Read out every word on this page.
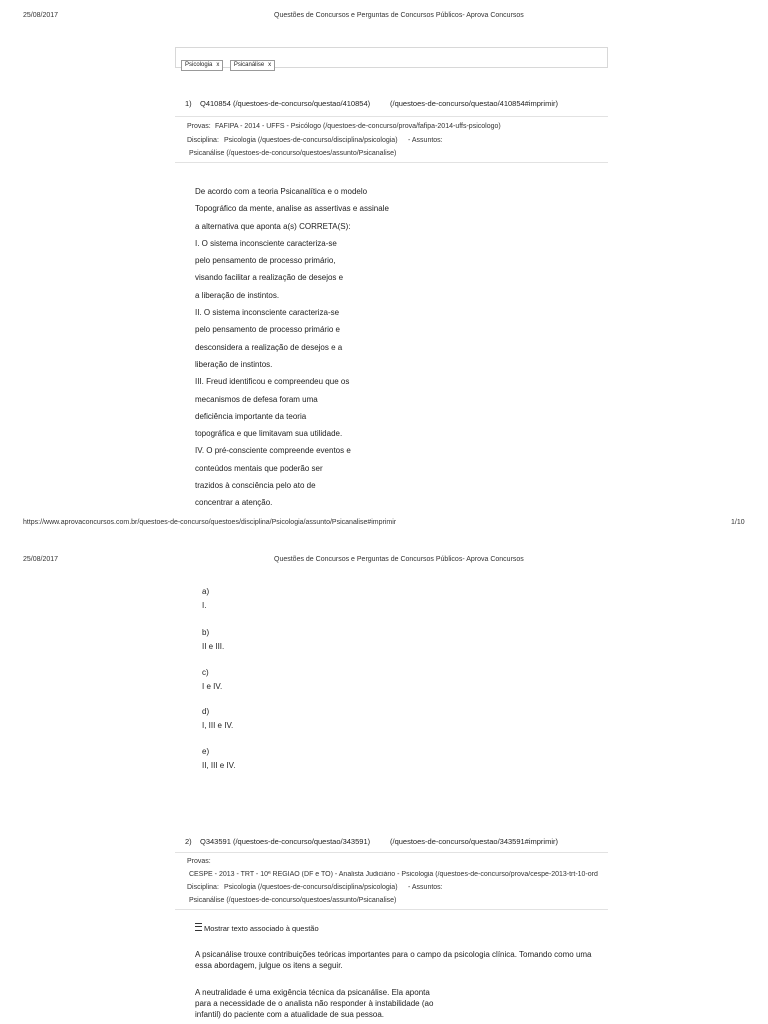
25/08/2017	Questões de Concursos e Perguntas de Concursos Públicos- Aprova Concursos
Psicologia x Psicanálise x
1) Q410854 (/questoes-de-concurso/questao/410854)	(/questoes-de-concurso/questao/410854#imprimir)
Provas: FAFIPA - 2014 - UFFS - Psicólogo (/questoes-de-concurso/prova/fafipa-2014-uffs-psicologo)
Disciplina: Psicologia (/questoes-de-concurso/disciplina/psicologia) - Assuntos:
Psicanálise (/questoes-de-concurso/questoes/assunto/Psicanalise)
De acordo com a teoria Psicanalítica e o modelo
Topográfico da mente, analise as assertivas e assinale
a alternativa que aponta a(s) CORRETA(S):
I. O sistema inconsciente caracteriza-se
pelo pensamento de processo primário,
visando facilitar a realização de desejos e
a liberação de instintos.
II. O sistema inconsciente caracteriza-se
pelo pensamento de processo primário e
desconsidera a realização de desejos e a
liberação de instintos.
III. Freud identificou e compreendeu que os
mecanismos de defesa foram uma
deficiência importante da teoria
topográfica e que limitavam sua utilidade.
IV. O pré-consciente compreende eventos e
conteúdos mentais que poderão ser
trazidos à consciência pelo ato de
concentrar a atenção.
https://www.aprovaconcursos.com.br/questoes-de-concurso/questoes/disciplina/Psicologia/assunto/Psicanalise#imprimir	1/10
25/08/2017	Questões de Concursos e Perguntas de Concursos Públicos- Aprova Concursos
a)
I.
b)
II e III.
c)
I e IV.
d)
I, III e IV.
e)
II, III e IV.
2) Q343591 (/questoes-de-concurso/questao/343591)	(/questoes-de-concurso/questao/343591#imprimir)
Provas:
CESPE - 2013 - TRT - 10ª REGIÃO (DF e TO) - Analista Judiciário - Psicologia (/questoes-de-concurso/prova/cespe-2013-trt-10-ord
Disciplina: Psicologia (/questoes-de-concurso/disciplina/psicologia) - Assuntos:
Psicanálise (/questoes-de-concurso/questoes/assunto/Psicanalise)
Mostrar texto associado à questão
A psicanálise trouxe contribuições teóricas importantes para o campo da psicologia clínica. Tomando como uma
essa abordagem, julgue os itens a seguir.
A neutralidade é uma exigência técnica da psicanálise. Ela aponta
para a necessidade de o analista não responder à instabilidade (ao
infantil) do paciente com a atualidade de sua pessoa.
